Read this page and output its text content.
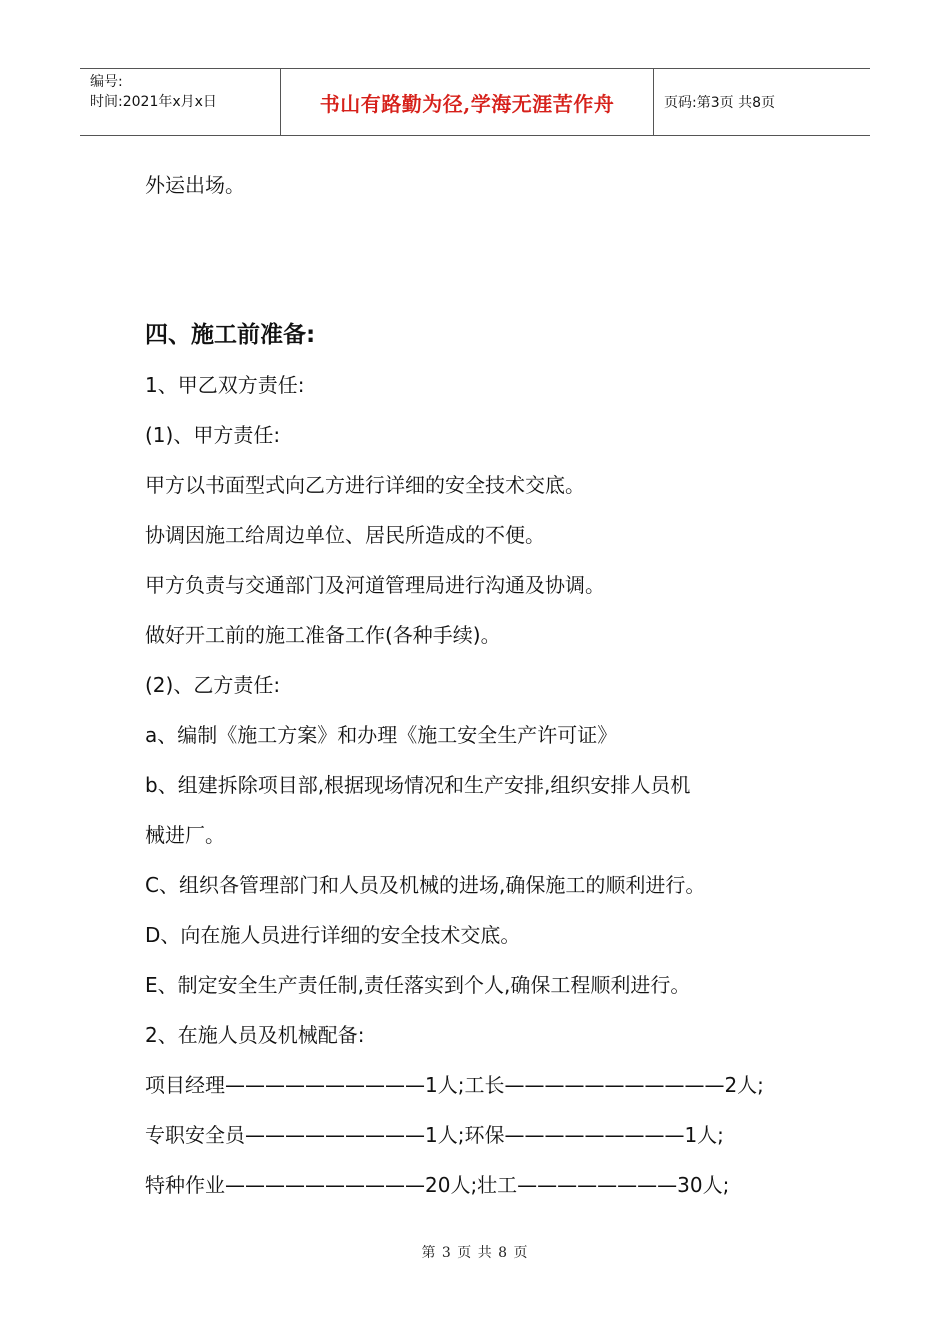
编号:
时间:2021年x月x日	书山有路勤为径,学海无涯苦作舟	页码:第3页 共8页
外运出场。
四、施工前准备:
1、甲乙双方责任:
(1)、甲方责任:
甲方以书面型式向乙方进行详细的安全技术交底。
协调因施工给周边单位、居民所造成的不便。
甲方负责与交通部门及河道管理局进行沟通及协调。
做好开工前的施工准备工作(各种手续)。
(2)、乙方责任:
a、编制《施工方案》和办理《施工安全生产许可证》
b、组建拆除项目部,根据现场情况和生产安排,组织安排人员机
械进厂。
C、组织各管理部门和人员及机械的进场,确保施工的顺利进行。
D、向在施人员进行详细的安全技术交底。
E、制定安全生产责任制,责任落实到个人,确保工程顺利进行。
2、在施人员及机械配备:
项目经理——————————1人;工长———————————2人;
专职安全员—————————1人;环保—————————1人;
特种作业——————————20人;壮工————————30人;
第 3 页 共 8 页
